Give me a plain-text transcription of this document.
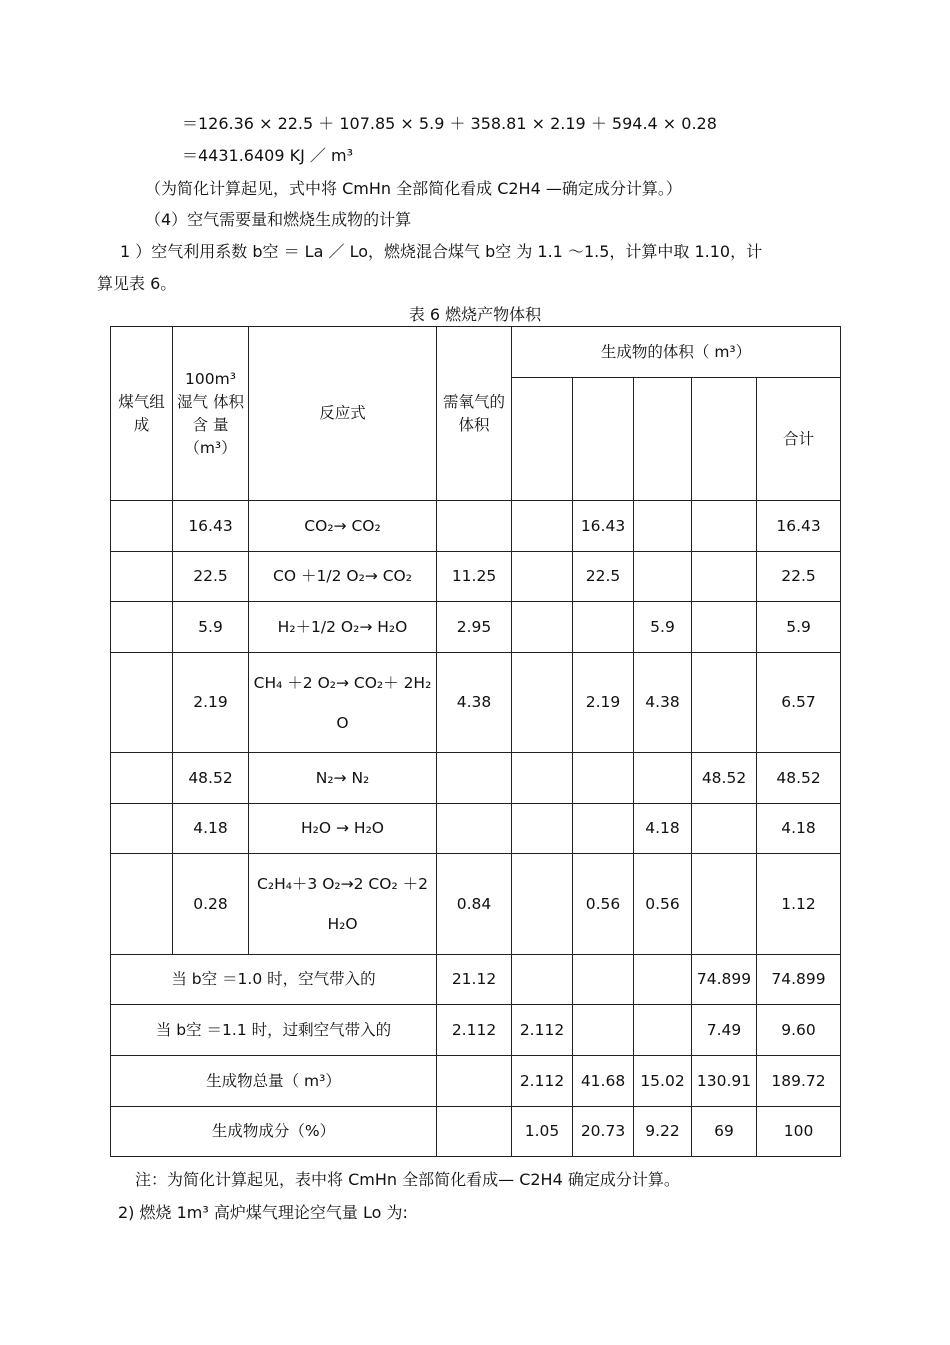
＝126.36 × 22.5 ＋ 107.85 × 5.9 ＋ 358.81 × 2.19 ＋ 594.4 × 0.28
＝4431.6409 KJ ／ m³
（为简化计算起见，式中将 CmHn 全部简化看成 C2H4 —确定成分计算。）
（4）空气需要量和燃烧生成物的计算
1 ）空气利用系数 b空 ＝ La ／ Lo，燃烧混合煤气 b空 为 1.1 ～1.5，计算中取 1.10，计
算见表 6。
表 6 燃烧产物体积
煤气组成	100m³ 湿气 体积含 量 （m³）	反应式	需氧气的体积	生成物的体积（ m³）				
								合计
	16.43	CO₂→ CO₂			16.43			16.43
	22.5	CO ＋1/2 O₂→ CO₂	11.25		22.5			22.5
	5.9	H₂＋1/2 O₂→ H₂O	2.95			5.9		5.9
	2.19	CH₄ ＋2 O₂→ CO₂＋ 2H₂O	4.38		2.19	4.38		6.57
	48.52	N₂→ N₂					48.52	48.52
	4.18	H₂O → H₂O				4.18		4.18
	0.28	C₂H₄＋3 O₂→2 CO₂ ＋2 H₂O	0.84		0.56	0.56		1.12
当 b空 ＝1.0 时，空气带入的			21.12				74.899	74.899
当 b空 ＝1.1 时，过剩空气带入的			2.112	2.112			7.49	9.60
生成物总量（ m³）				2.112	41.68	15.02	130.91	189.72
生成物成分（%）				1.05	20.73	9.22	69	100
注：为简化计算起见，表中将 CmHn 全部简化看成— C2H4 确定成分计算。
2) 燃烧 1m³ 高炉煤气理论空气量 Lo 为:
